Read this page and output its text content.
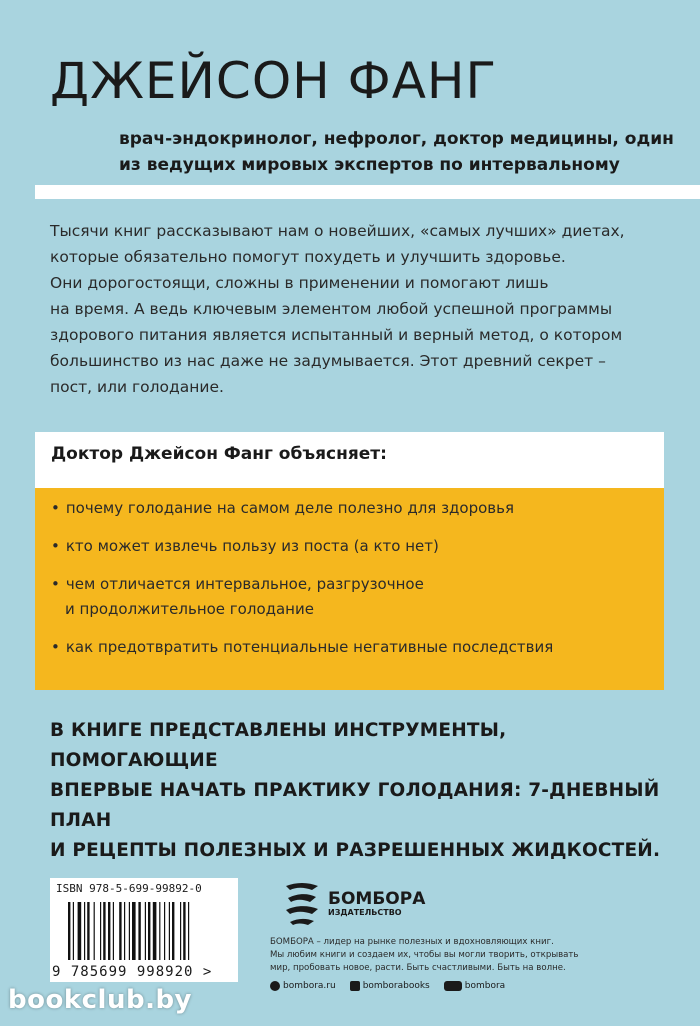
ДЖЕЙСОН ФАНГ
врач-эндокринолог, нефролог, доктор медицины, один из ведущих мировых экспертов по интервальному
Тысячи книг рассказывают нам о новейших, «самых лучших» диетах,
которые обязательно помогут похудеть и улучшить здоровье.
Они дорогостоящи, сложны в применении и помогают лишь
на время. А ведь ключевым элементом любой успешной программы
здорового питания является испытанный и верный метод, о котором
большинство из нас даже не задумывается. Этот древний секрет –
пост, или голодание.
Доктор Джейсон Фанг объясняет:
• почему голодание на самом деле полезно для здоровья
• кто может извлечь пользу из поста (а кто нет)
• чем отличается интервальное, разгрузочное
и продолжительное голодание
• как предотвратить потенциальные негативные последствия
В КНИГЕ ПРЕДСТАВЛЕНЫ ИНСТРУМЕНТЫ, ПОМОГАЮЩИЕ
ВПЕРВЫЕ НАЧАТЬ ПРАКТИКУ ГОЛОДАНИЯ: 7-ДНЕВНЫЙ ПЛАН
И РЕЦЕПТЫ ПОЛЕЗНЫХ И РАЗРЕШЕННЫХ ЖИДКОСТЕЙ.
ISBN 978-5-699-99892-0
9 785699 998920 >
БОМБОРА
ИЗДАТЕЛЬСТВО
БОМБОРА – лидер на рынке полезных и вдохновляющих книг.
Мы любим книги и создаем их, чтобы вы могли творить, открывать
мир, пробовать новое, расти. Быть счастливыми. Быть на волне.
bombora.ru	bomborabooks	bombora
bookclub.by
